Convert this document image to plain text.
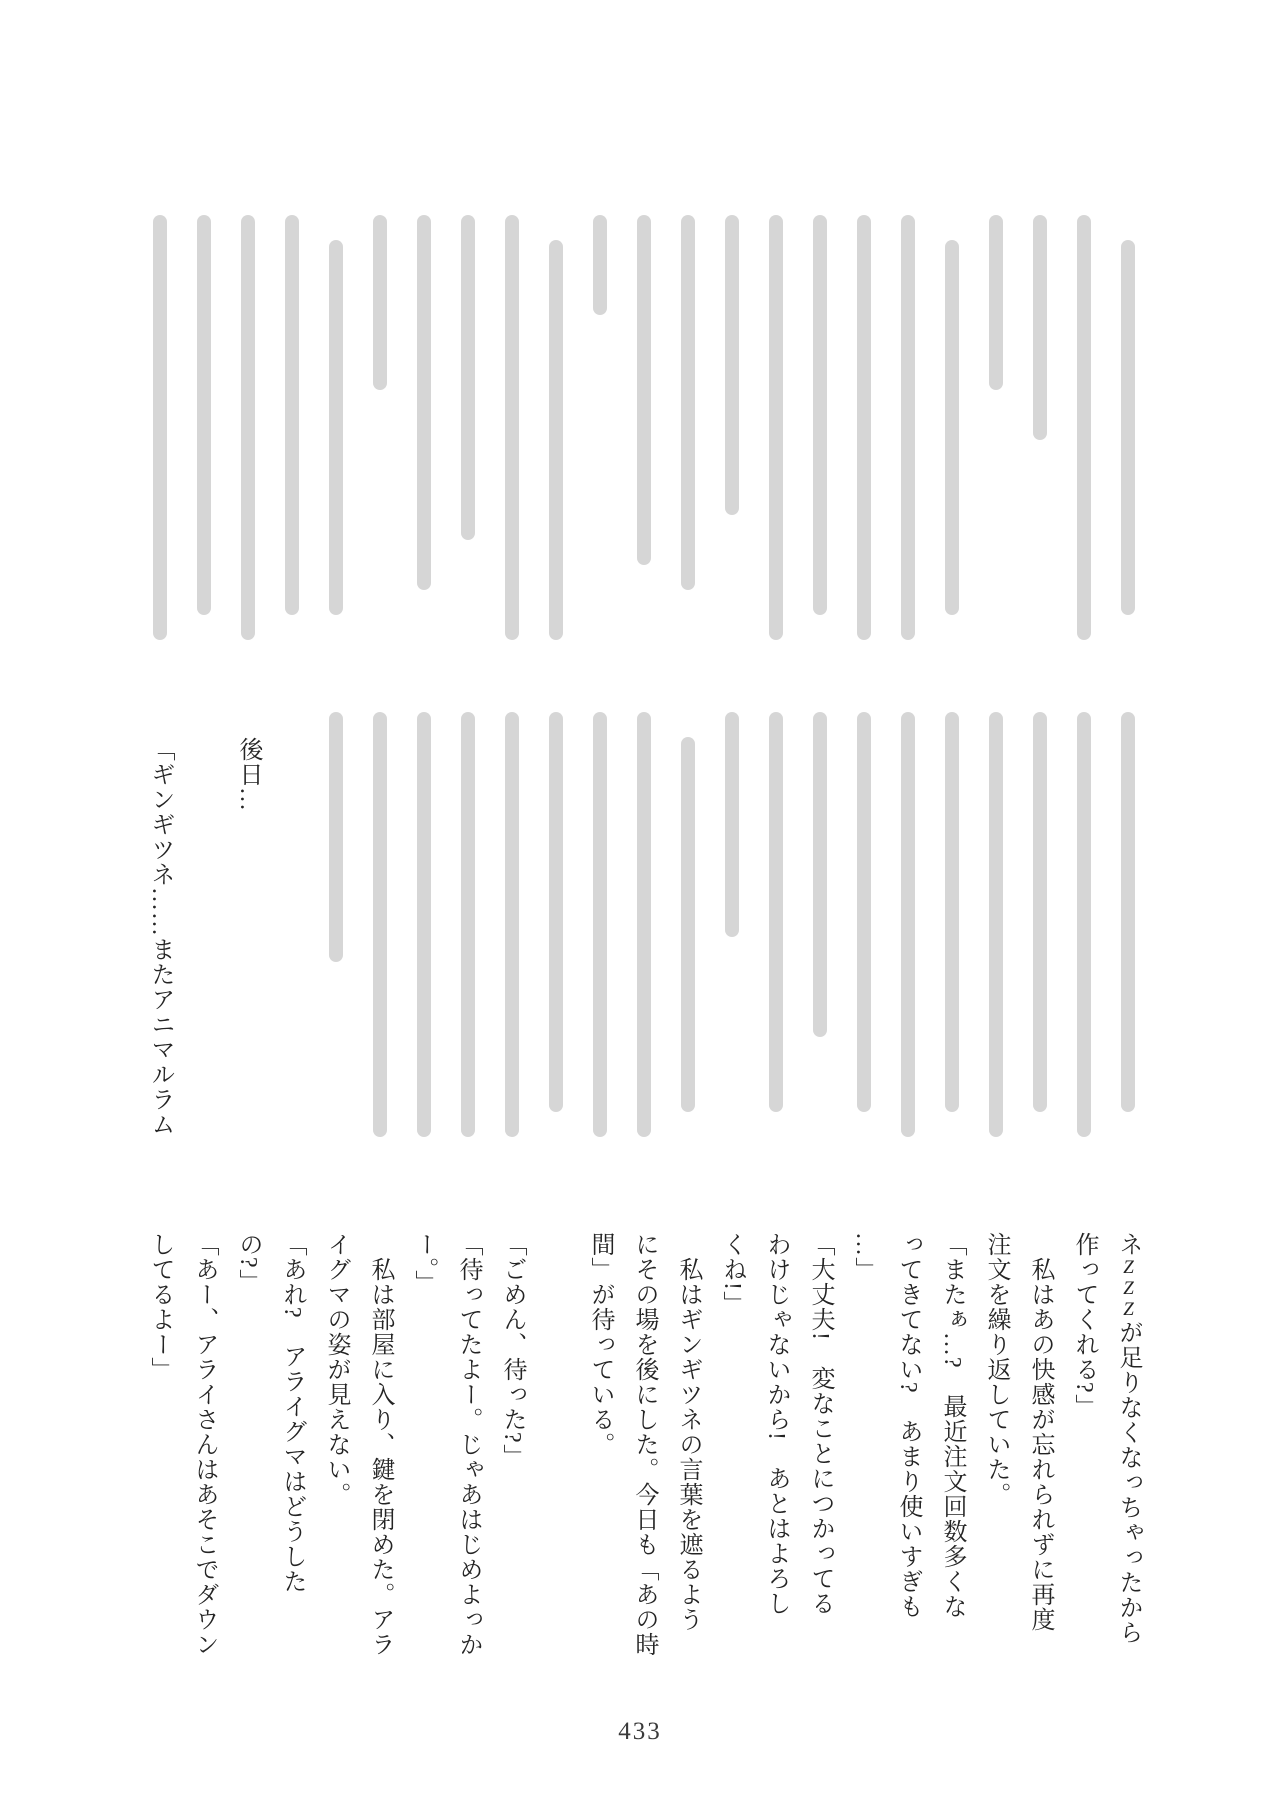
後日…
「ギンギツネ……またアニマルラム
ネZZZが足りなくなっちゃったから
作ってくれる?」
私はあの快感が忘れられずに再度
注文を繰り返していた。
「またぁ…?　最近注文回数多くな
ってきてない?　あまり使いすぎも
…」
「大丈夫!　変なことにつかってる
わけじゃないから!　あとはよろし
くね!」
私はギンギツネの言葉を遮るよう
にその場を後にした。今日も「あの時
間」が待っている。
「ごめん、待った?」
「待ってたよー。じゃあはじめよっか
ー。」
私は部屋に入り、鍵を閉めた。アラ
イグマの姿が見えない。
「あれ?　アライグマはどうした
の?」
「あー、アライさんはあそこでダウン
してるよー」
433
